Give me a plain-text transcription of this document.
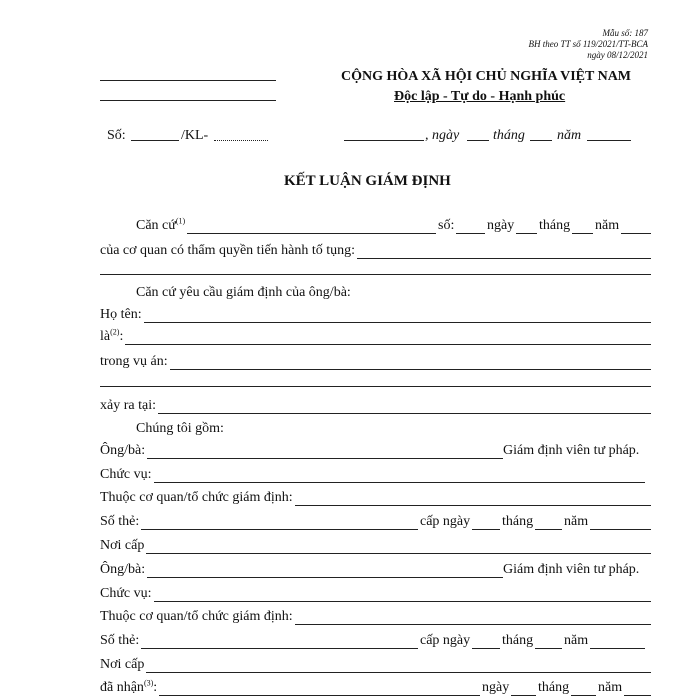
Mẫu số: 187
BH theo TT số 119/2021/TT-BCA
ngày 08/12/2021
CỘNG HÒA XÃ HỘI CHỦ NGHĨA VIỆT NAM
Độc lập - Tự do - Hạnh phúc
Số:	/KL-	, ngày tháng năm
KẾT LUẬN GIÁM ĐỊNH
Căn cứ$^{(1)}$	số: ngày tháng năm
của cơ quan có thẩm quyền tiến hành tố tụng:
Căn cứ yêu cầu giám định của ông/bà:
Họ tên:
$là^{(2)}$:
trong vụ án:
xảy ra tại:
Chúng tôi gồm:
Ông/bà:	Giám định viên tư pháp.
Chức vụ:
Thuộc cơ quan/tổ chức giám định:
Số thẻ:	cấp ngày tháng năm
Nơi cấp
Ông/bà:	Giám định viên tư pháp.
Chức vụ:
Thuộc cơ quan/tổ chức giám định:
Số thẻ:	cấp ngày tháng năm
Nơi cấp
đã nhận$^{(3)}$:	ngày tháng năm
